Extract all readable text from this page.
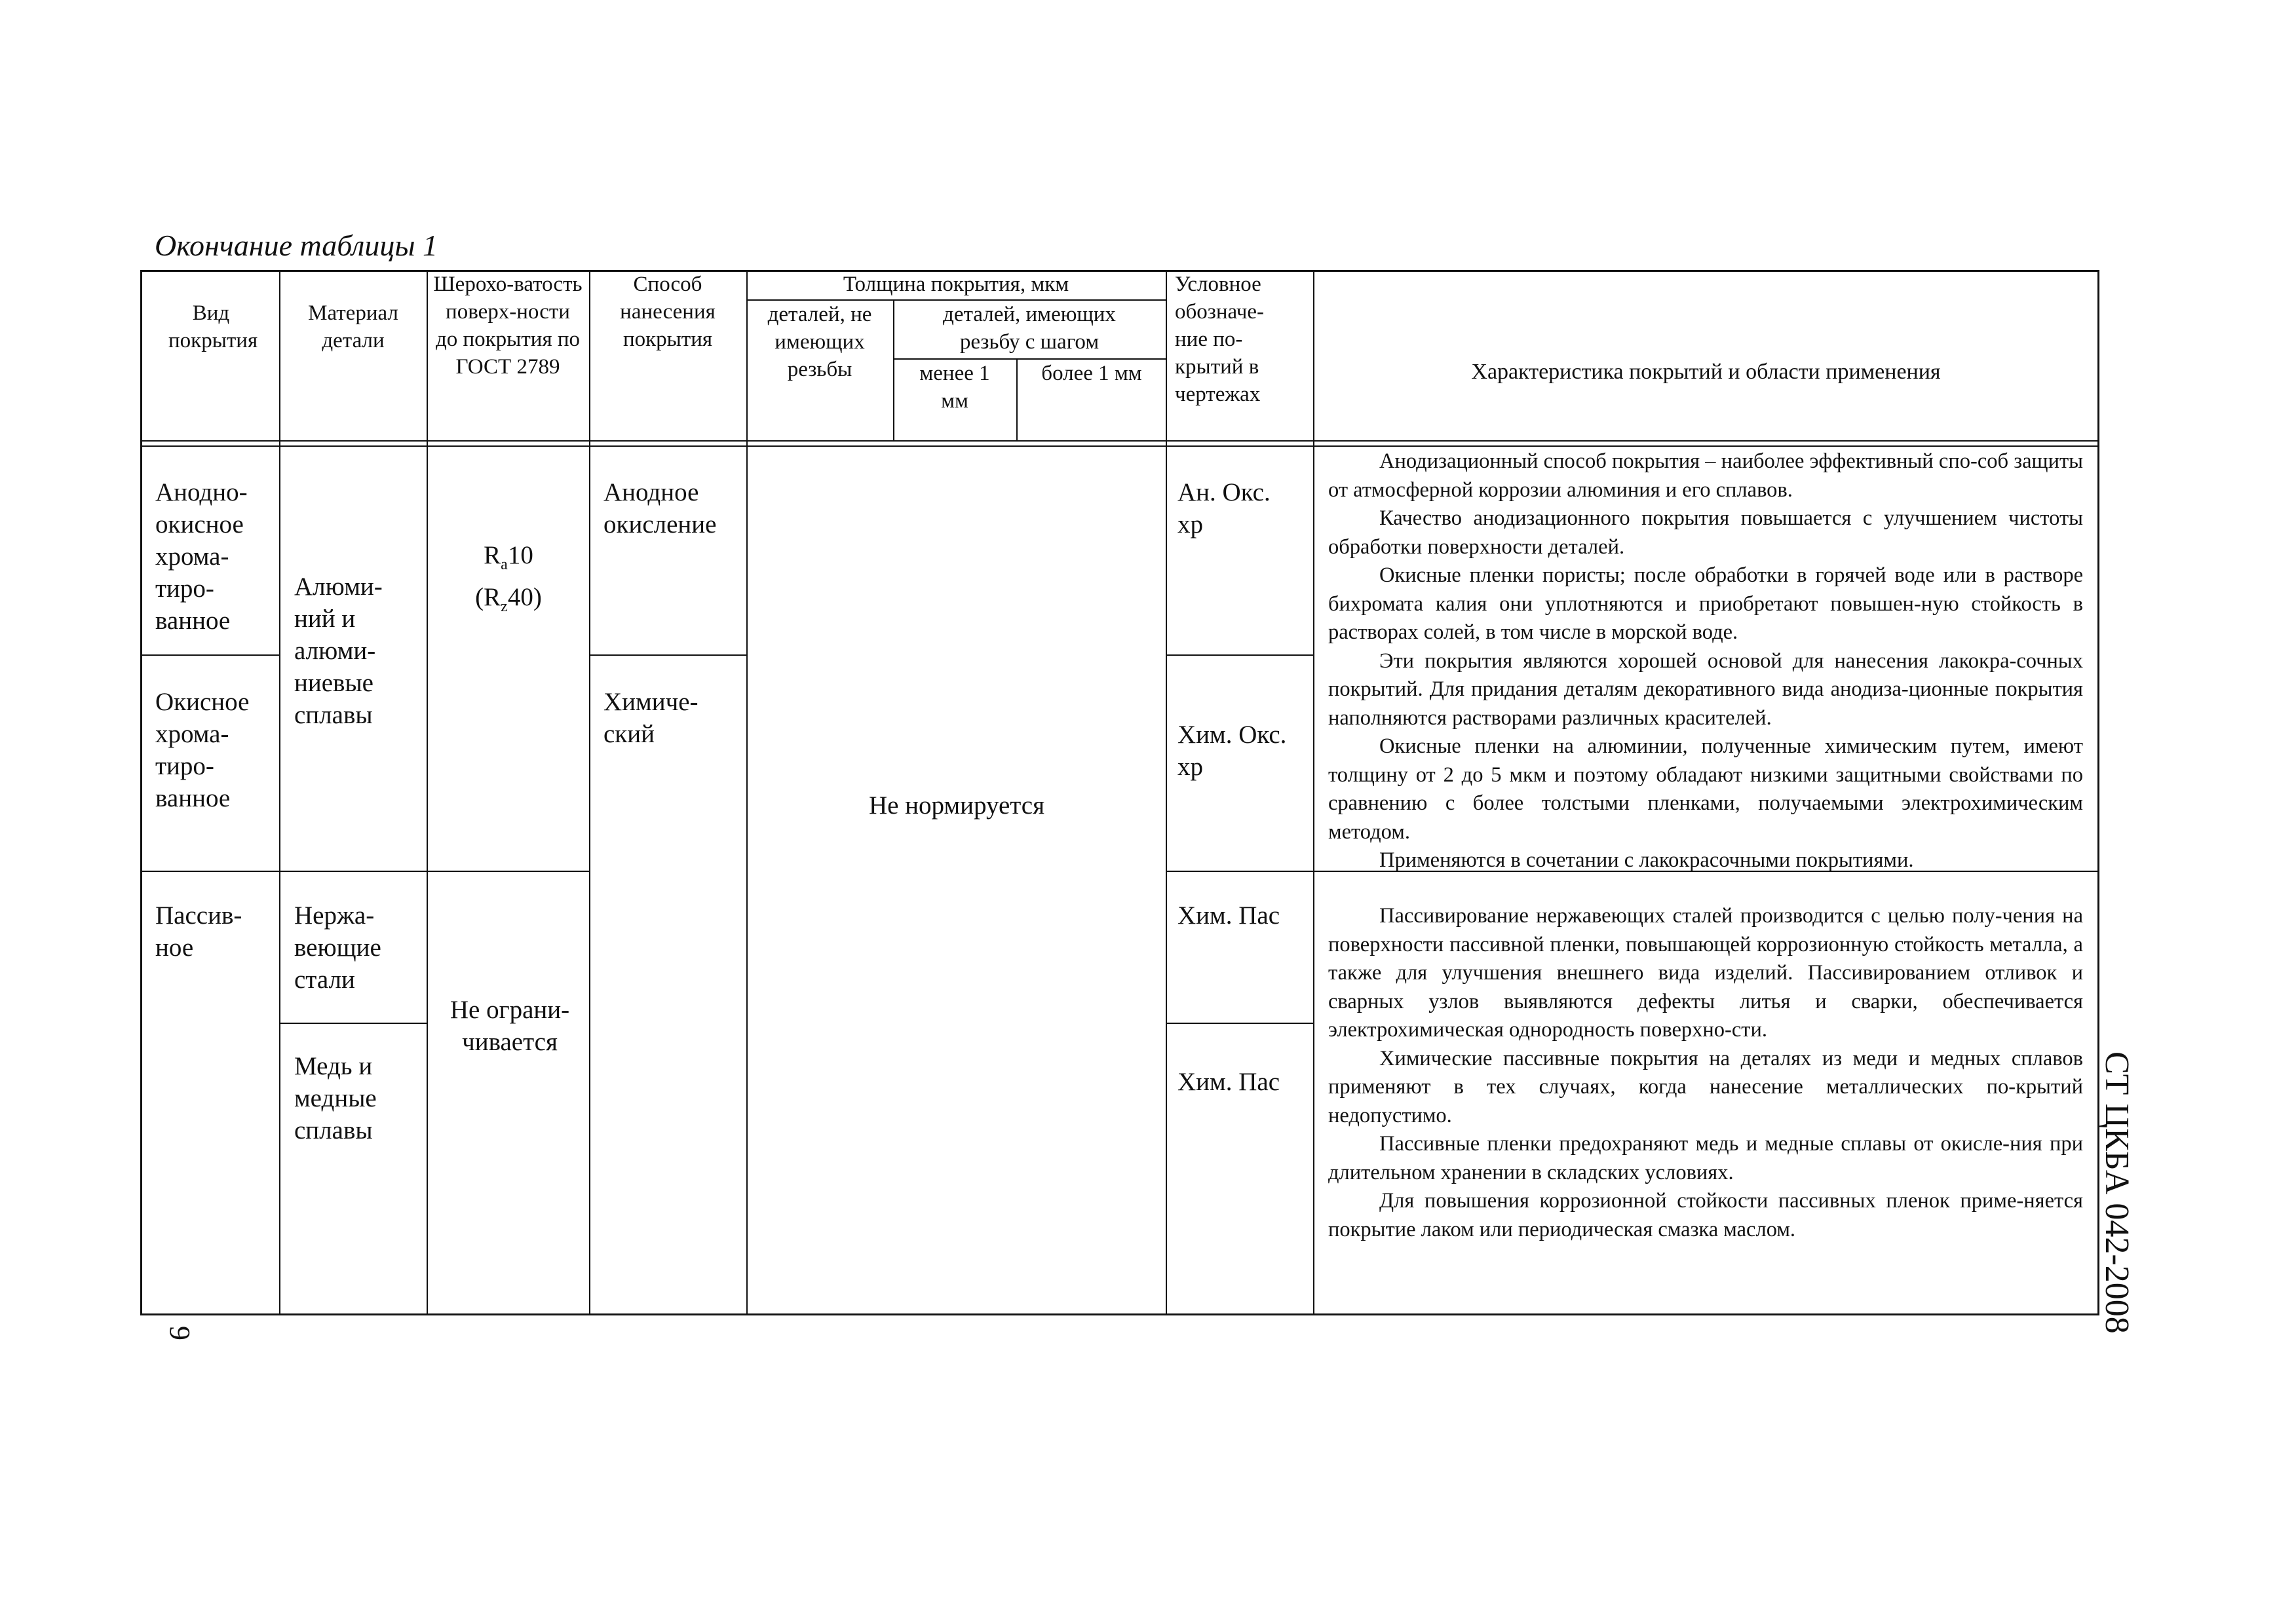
Окончание таблицы 1
Вид покрытия
Материал детали
Шерохо-ватость поверх-ности до покрытия по ГОСТ 2789
Способ нанесения покрытия
Толщина покрытия, мкм
деталей, не имеющих резьбы
деталей, имеющих резьбу с шагом
менее 1 мм
более 1 мм
Условное обозначе-ние по-крытий в чертежах
Характеристика покрытий и области применения
Анодно-окисное хрома-тиро-ванное
Окисное хрома-тиро-ванное
Пассив-ное
Алюми-ний и алюми-ниевые сплавы
Нержа-веющие стали
Медь и медные сплавы
$R_a10$
$(R_z40)$
Не ограни-чивается
Анодное окисление
Химиче-ский
Не нормируется
Ан. Окс. хр
Хим. Окс. хр
Хим. Пас
Хим. Пас

Анодизационный способ покрытия – наиболее эффективный спо-соб защиты от атмосферной коррозии алюминия и его сплавов.

Качество анодизационного покрытия повышается с улучшением чистоты обработки поверхности деталей.

Окисные пленки пористы; после обработки в горячей воде или в растворе бихромата калия они уплотняются и приобретают повышен-ную стойкость в растворах солей, в том числе в морской воде.

Эти покрытия являются хорошей основой для нанесения лакокра-сочных покрытий. Для придания деталям декоративного вида анодиза-ционные покрытия наполняются растворами различных красителей.

Окисные пленки на алюминии, полученные химическим путем, имеют толщину от 2 до 5 мкм и поэтому обладают низкими защитными свойствами по сравнению с более толстыми пленками, получаемыми электрохимическим методом.

Применяются в сочетании с лакокрасочными покрытиями.

Пассивирование нержавеющих сталей производится с целью полу-чения на поверхности пассивной пленки, повышающей коррозионную стойкость металла, а также для улучшения внешнего вида изделий. Пассивированием отливок и сварных узлов выявляются дефекты литья и сварки, обеспечивается электрохимическая однородность поверхно-сти.

Химические пассивные покрытия на деталях из меди и медных сплавов применяют в тех случаях, когда нанесение металлических по-крытий недопустимо.

Пассивные пленки предохраняют медь и медные сплавы от окисле-ния при длительном хранении в складских условиях.

Для повышения коррозионной стойкости пассивных пленок приме-няется покрытие лаком или периодическая смазка маслом.	СТ ЦКБА 042-2008
9
